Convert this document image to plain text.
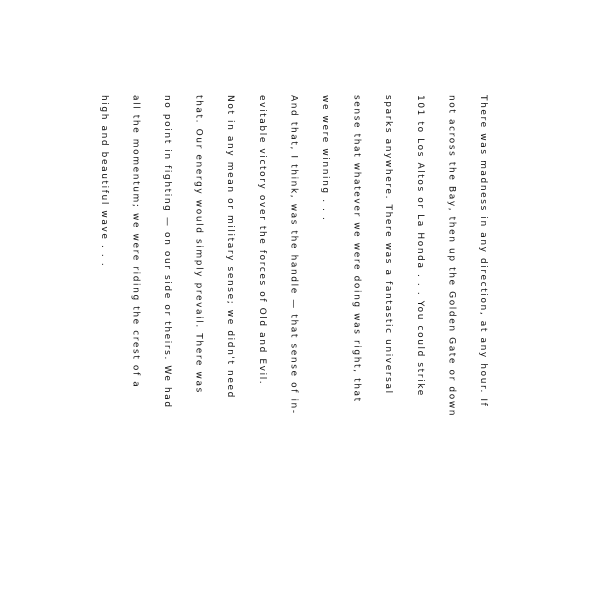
There was madness in any direction, at any hour. If
not across the Bay, then up the Golden Gate or down
101 to Los Altos or La Honda . . . You could strike
sparks anywhere. There was a fantastic universal
sense that whatever we were doing was right, that
we were winning . . .
And that, I think, was the handle — that sense of in-
evitable victory over the forces of Old and Evil.
Not in any mean or military sense; we didn't need
that. Our energy would simply prevail. There was
no point in fighting — on our side or theirs. We had
all the momentum; we were riding the crest of a
high and beautiful wave . . .
